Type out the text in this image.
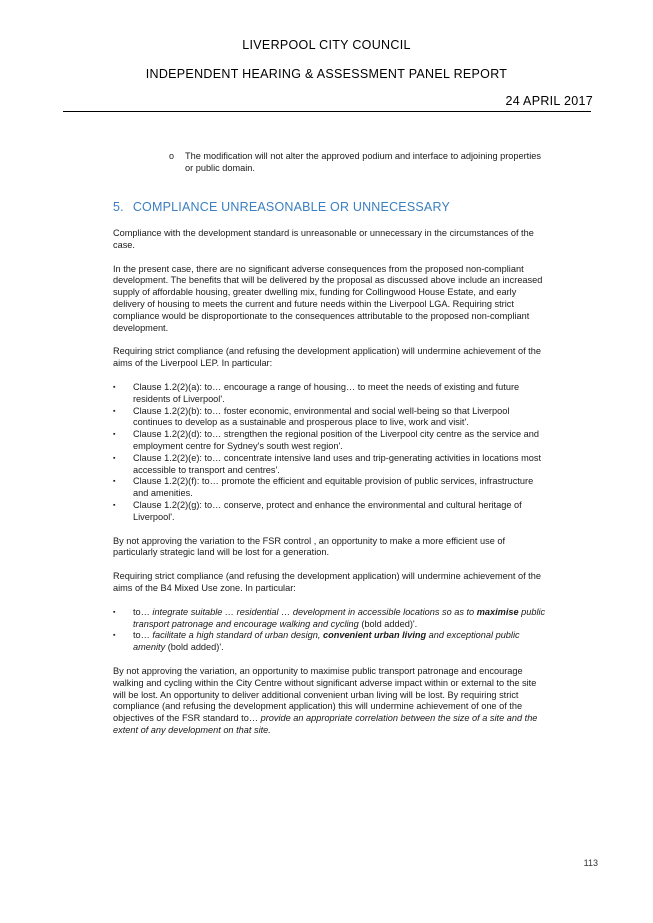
LIVERPOOL CITY COUNCIL
INDEPENDENT HEARING & ASSESSMENT PANEL REPORT
24 APRIL 2017
o The modification will not alter the approved podium and interface to adjoining properties or public domain.
5. COMPLIANCE UNREASONABLE OR UNNECESSARY

Compliance with the development standard is unreasonable or unnecessary in the circumstances of the case.

In the present case, there are no significant adverse consequences from the proposed non-compliant development. The benefits that will be delivered by the proposal as discussed above include an increased supply of affordable housing, greater dwelling mix, funding for Collingwood House Estate, and early delivery of housing to meets the current and future needs within the Liverpool LGA. Requiring strict compliance would be disproportionate to the consequences attributable to the proposed non-compliant development.

Requiring strict compliance (and refusing the development application) will undermine achievement of the aims of the Liverpool LEP. In particular:

▪ Clause 1.2(2)(a): to… encourage a range of housing… to meet the needs of existing and future residents of Liverpool'.
▪ Clause 1.2(2)(b): to… foster economic, environmental and social well-being so that Liverpool continues to develop as a sustainable and prosperous place to live, work and visit'.
▪ Clause 1.2(2)(d): to… strengthen the regional position of the Liverpool city centre as the service and employment centre for Sydney's south west region'.
▪ Clause 1.2(2)(e): to… concentrate intensive land uses and trip-generating activities in locations most accessible to transport and centres'.
▪ Clause 1.2(2)(f): to… promote the efficient and equitable provision of public services, infrastructure and amenities.
▪ Clause 1.2(2)(g): to… conserve, protect and enhance the environmental and cultural heritage of Liverpool'.

By not approving the variation to the FSR control , an opportunity to make a more efficient use of particularly strategic land will be lost for a generation.

Requiring strict compliance (and refusing the development application) will undermine achievement of the aims of the B4 Mixed Use zone. In particular:

▪ to… integrate suitable … residential … development in accessible locations so as to maximise public transport patronage and encourage walking and cycling (bold added)'.
▪ to… facilitate a high standard of urban design, convenient urban living and exceptional public amenity (bold added)'.

By not approving the variation, an opportunity to maximise public transport patronage and encourage walking and cycling within the City Centre without significant adverse impact within or external to the site will be lost. An opportunity to deliver additional convenient urban living will be lost. By requiring strict compliance (and refusing the development application) this will undermine achievement of one of the objectives of the FSR standard to… provide an appropriate correlation between the size of a site and the extent of any development on that site.

113
